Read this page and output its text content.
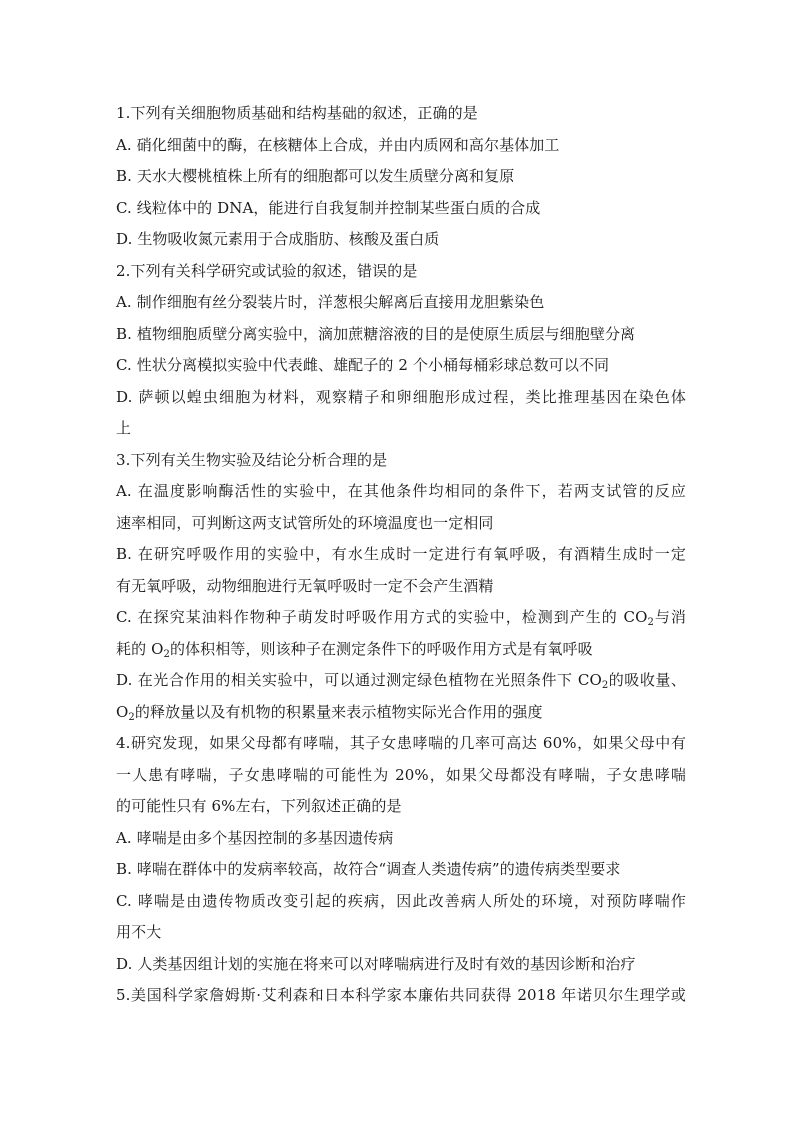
1.下列有关细胞物质基础和结构基础的叙述，正确的是
A. 硝化细菌中的酶，在核糖体上合成，并由内质网和高尔基体加工
B. 天水大樱桃植株上所有的细胞都可以发生质壁分离和复原
C. 线粒体中的 DNA，能进行自我复制并控制某些蛋白质的合成
D. 生物吸收氮元素用于合成脂肪、核酸及蛋白质
2.下列有关科学研究或试验的叙述，错误的是
A. 制作细胞有丝分裂装片时，洋葱根尖解离后直接用龙胆紫染色
B. 植物细胞质壁分离实验中，滴加蔗糖溶液的目的是使原生质层与细胞壁分离
C. 性状分离模拟实验中代表雌、雄配子的 2 个小桶每桶彩球总数可以不同
D. 萨顿以蝗虫细胞为材料，观察精子和卵细胞形成过程，类比推理基因在染色体
上
3.下列有关生物实验及结论分析合理的是
A. 在温度影响酶活性的实验中，在其他条件均相同的条件下，若两支试管的反应
速率相同，可判断这两支试管所处的环境温度也一定相同
B. 在研究呼吸作用的实验中，有水生成时一定进行有氧呼吸，有酒精生成时一定
有无氧呼吸，动物细胞进行无氧呼吸时一定不会产生酒精
C. 在探究某油料作物种子萌发时呼吸作用方式的实验中，检测到产生的 $CO_2$与消
耗的 $O_2$的体积相等，则该种子在测定条件下的呼吸作用方式是有氧呼吸
D. 在光合作用的相关实验中，可以通过测定绿色植物在光照条件下 $CO_2$的吸收量、
$O_2$的释放量以及有机物的积累量来表示植物实际光合作用的强度
4.研究发现，如果父母都有哮喘，其子女患哮喘的几率可高达 60%，如果父母中有
一人患有哮喘，子女患哮喘的可能性为 20%，如果父母都没有哮喘，子女患哮喘
的可能性只有 6%左右，下列叙述正确的是
A. 哮喘是由多个基因控制的多基因遗传病
B. 哮喘在群体中的发病率较高，故符合“调查人类遗传病”的遗传病类型要求
C. 哮喘是由遗传物质改变引起的疾病，因此改善病人所处的环境，对预防哮喘作
用不大
D. 人类基因组计划的实施在将来可以对哮喘病进行及时有效的基因诊断和治疗
5.美国科学家詹姆斯·艾利森和日本科学家本廉佑共同获得 2018 年诺贝尔生理学或
